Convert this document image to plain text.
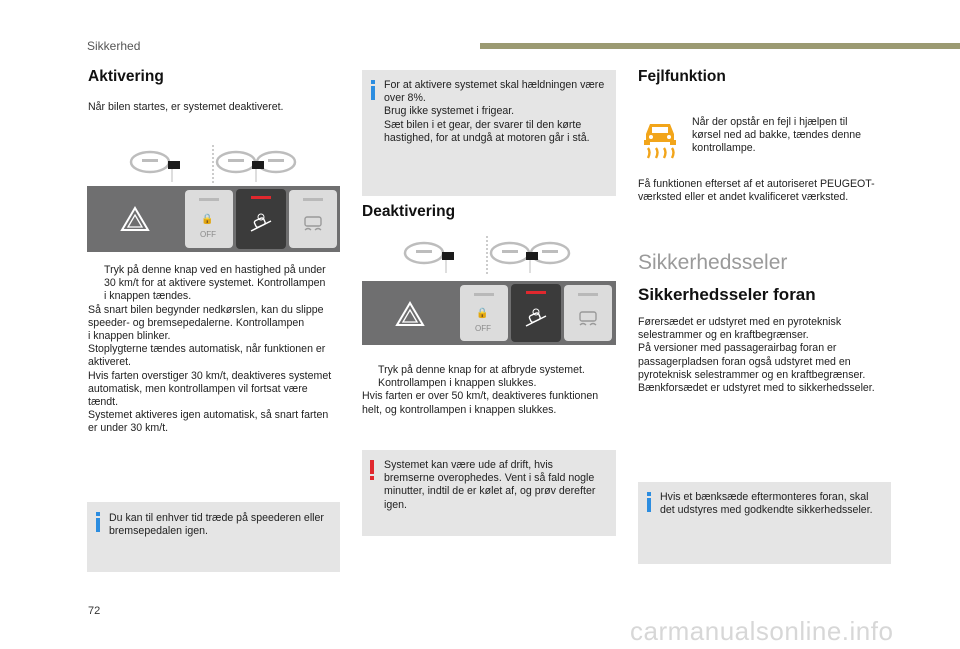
Sikkerhed
Aktivering
Når bilen startes, er systemet deaktiveret.
🔒
OFF
Tryk på denne knap ved en hastighed på under
30 km/t for at aktivere systemet. Kontrollampen
i knappen tændes.
Så snart bilen begynder nedkørslen, kan du slippe
speeder- og bremsepedalerne. Kontrollampen
i knappen blinker.
Stoplygterne tændes automatisk, når funktionen er
aktiveret.
Hvis farten overstiger 30 km/t, deaktiveres systemet
automatisk, men kontrollampen vil fortsat være
tændt.
Systemet aktiveres igen automatisk, så snart farten
er under 30 km/t.
Du kan til enhver tid træde på speederen eller
bremsepedalen igen.
For at aktivere systemet skal hældningen være
over 8%.
Brug ikke systemet i frigear.
Sæt bilen i et gear, der svarer til den kørte
hastighed, for at undgå at motoren går i stå.
Deaktivering
🔒
OFF
Tryk på denne knap for at afbryde systemet.
Kontrollampen i knappen slukkes.
Hvis farten er over 50 km/t, deaktiveres funktionen
helt, og kontrollampen i knappen slukkes.
Systemet kan være ude af drift, hvis
bremserne overophedes. Vent i så fald nogle
minutter, indtil de er kølet af, og prøv derefter
igen.
Fejlfunktion
Når der opstår en fejl i hjælpen til
kørsel ned ad bakke, tændes denne
kontrollampe.
Få funktionen efterset af et autoriseret PEUGEOT-
værksted eller et andet kvalificeret værksted.
Sikkerhedsseler
Sikkerhedsseler foran
Førersædet er udstyret med en pyroteknisk
selestrammer og en kraftbegrænser.
På versioner med passagerairbag foran er
passagerpladsen foran også udstyret med en
pyroteknisk selestrammer og en kraftbegrænser.
Bænkforsædet er udstyret med to sikkerhedsseler.
Hvis et bænksæde eftermonteres foran, skal
det udstyres med godkendte sikkerhedsseler.
72
carmanualsonline.info
